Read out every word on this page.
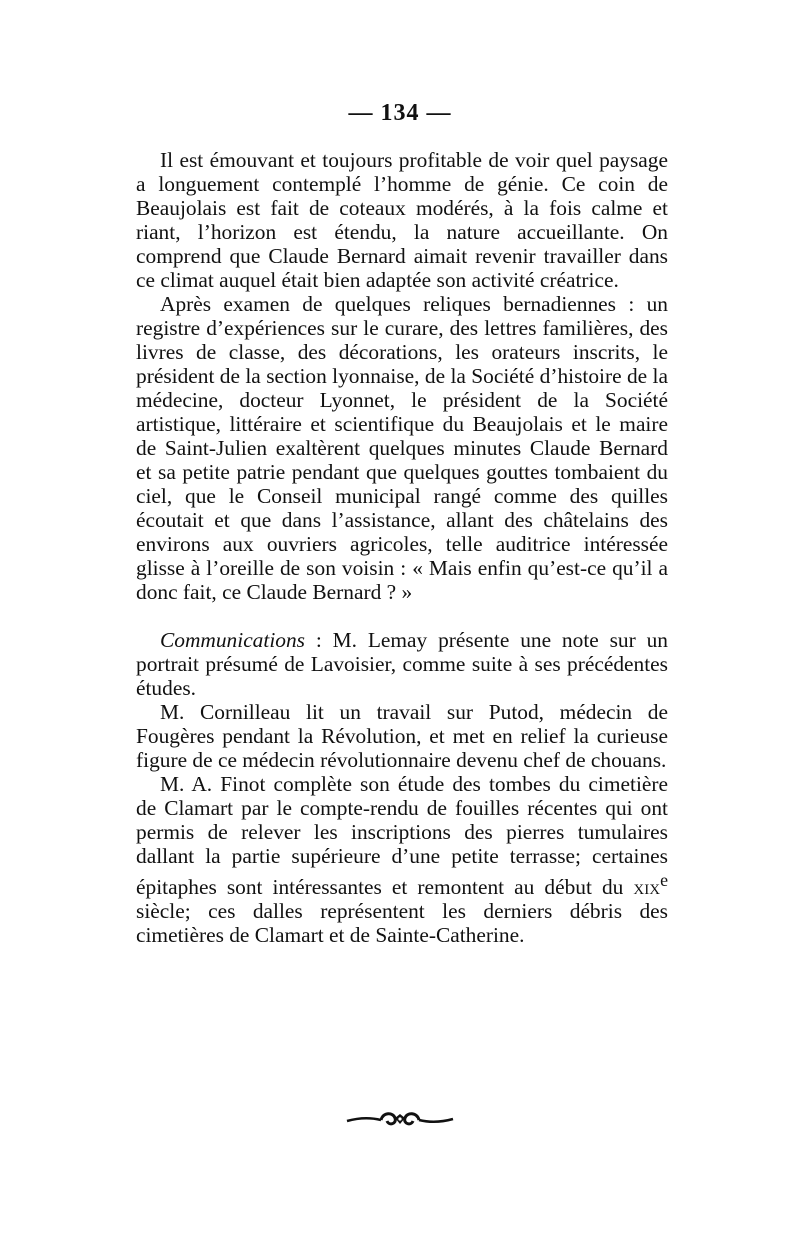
— 134 —

Il est émouvant et toujours profitable de voir quel paysage a longuement contemplé l’homme de génie. Ce coin de Beaujolais est fait de coteaux modérés, à la fois calme et riant, l’horizon est étendu, la nature accueillante. On comprend que Claude Bernard aimait revenir travailler dans ce climat auquel était bien adaptée son activité créatrice.

Après examen de quelques reliques bernadiennes : un registre d’expériences sur le curare, des lettres familières, des livres de classe, des décorations, les orateurs inscrits, le président de la section lyonnaise, de la Société d’histoire de la médecine, docteur Lyonnet, le président de la Société artistique, littéraire et scientifique du Beaujolais et le maire de Saint-Julien exaltèrent quelques minutes Claude Bernard et sa petite patrie pendant que quelques gouttes tombaient du ciel, que le Conseil municipal rangé comme des quilles écoutait et que dans l’assistance, allant des châtelains des environs aux ouvriers agricoles, telle auditrice intéressée glisse à l’oreille de son voisin : « Mais enfin qu’est-ce qu’il a donc fait, ce Claude Bernard ? »

Communications : M. Lemay présente une note sur un portrait présumé de Lavoisier, comme suite à ses précédentes études.

M. Cornilleau lit un travail sur Putod, médecin de Fougères pendant la Révolution, et met en relief la curieuse figure de ce médecin révolutionnaire devenu chef de chouans.

M. A. Finot complète son étude des tombes du cimetière de Clamart par le compte-rendu de fouilles récentes qui ont permis de relever les inscriptions des pierres tumulaires dallant la partie supérieure d’une petite terrasse; certaines épitaphes sont intéressantes et remontent au début du xix$^e$ siècle; ces dalles représentent les derniers débris des cimetières de Clamart et de Sainte-Catherine.
